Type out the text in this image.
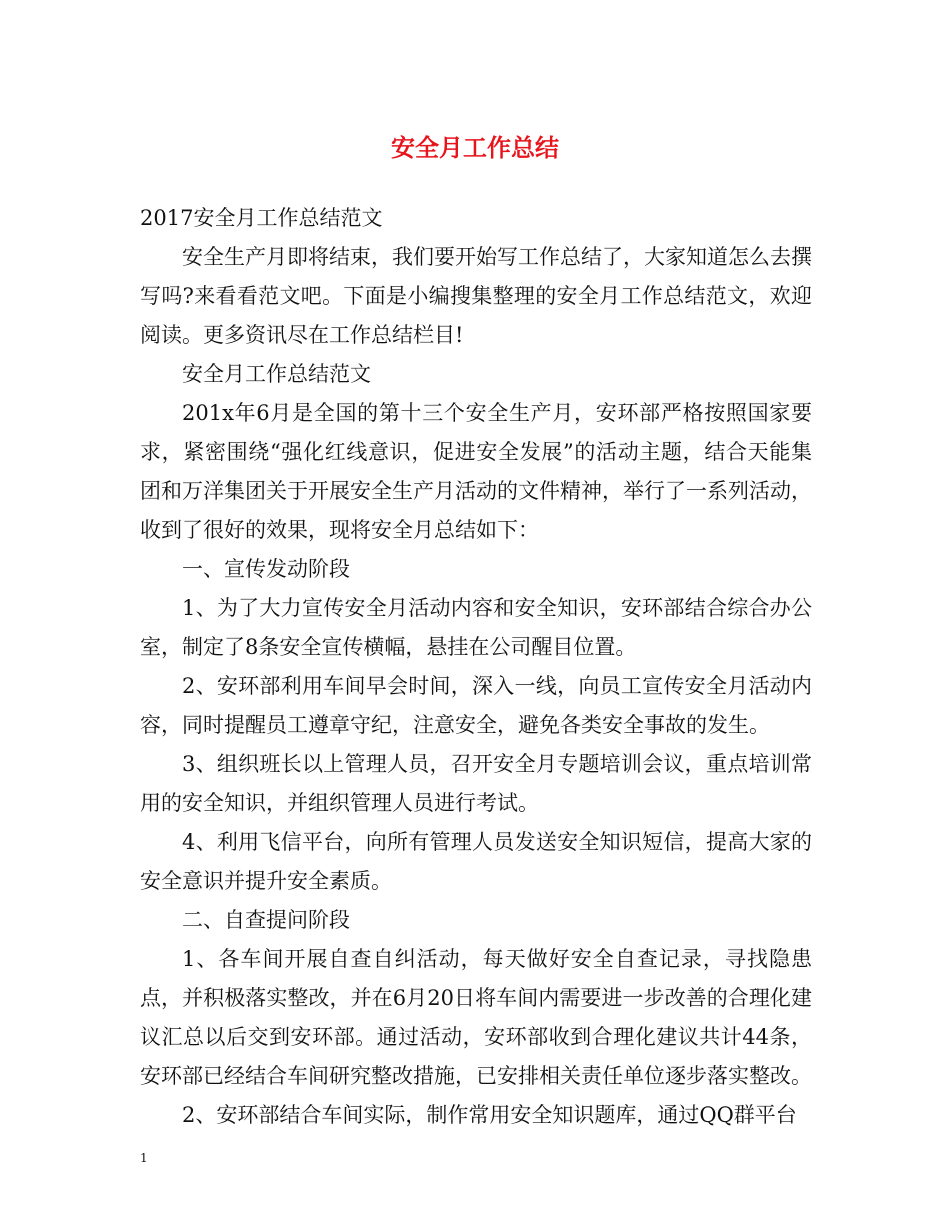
安全月工作总结

2017安全月工作总结范文

安全生产月即将结束，我们要开始写工作总结了，大家知道怎么去撰写吗?来看看范文吧。下面是小编搜集整理的安全月工作总结范文，欢迎阅读。更多资讯尽在工作总结栏目!

安全月工作总结范文

201x年6月是全国的第十三个安全生产月，安环部严格按照国家要求，紧密围绕“强化红线意识，促进安全发展”的活动主题，结合天能集团和万洋集团关于开展安全生产月活动的文件精神，举行了一系列活动，收到了很好的效果，现将安全月总结如下：

一、宣传发动阶段

1、为了大力宣传安全月活动内容和安全知识，安环部结合综合办公室，制定了8条安全宣传横幅，悬挂在公司醒目位置。

2、安环部利用车间早会时间，深入一线，向员工宣传安全月活动内容，同时提醒员工遵章守纪，注意安全，避免各类安全事故的发生。

3、组织班长以上管理人员，召开安全月专题培训会议，重点培训常用的安全知识，并组织管理人员进行考试。

4、利用飞信平台，向所有管理人员发送安全知识短信，提高大家的安全意识并提升安全素质。

二、自查提问阶段

1、各车间开展自查自纠活动，每天做好安全自查记录，寻找隐患点，并积极落实整改，并在6月20日将车间内需要进一步改善的合理化建议汇总以后交到安环部。通过活动，安环部收到合理化建议共计44条，安环部已经结合车间研究整改措施，已安排相关责任单位逐步落实整改。

2、安环部结合车间实际，制作常用安全知识题库，通过QQ群平台

1
